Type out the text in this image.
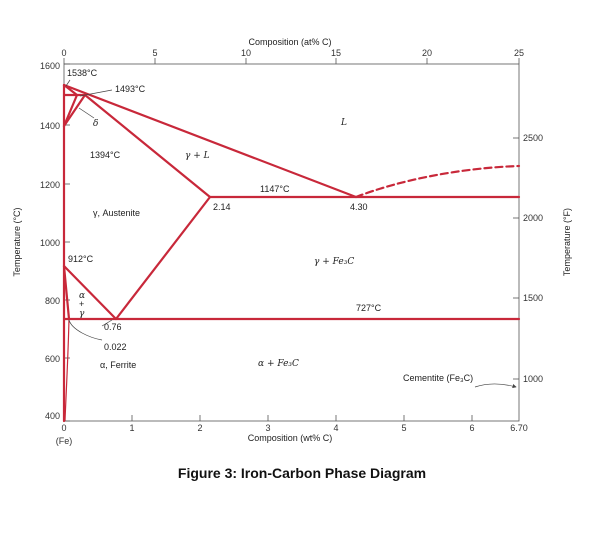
0	5	10	15	20	25
Composition (at% C)
0	1	2	3	4	5	6	6.70
(Fe)	Composition (wt% C)
1600
1400
1200
1000
800
600
400
Temperature (°C)
2500
2000
1500
1000
Temperature (°F)
1538°C
1493°C
δ
1394°C	γ + L
L
1147°C
2.14	4.30
γ, Austenite
912°C	γ + Fe₃C
α
+
γ
727°C
0.76
0.022
α, Ferrite	α + Fe₃C
Cementite (Fe₃C)
Figure 3: Iron-Carbon Phase Diagram
